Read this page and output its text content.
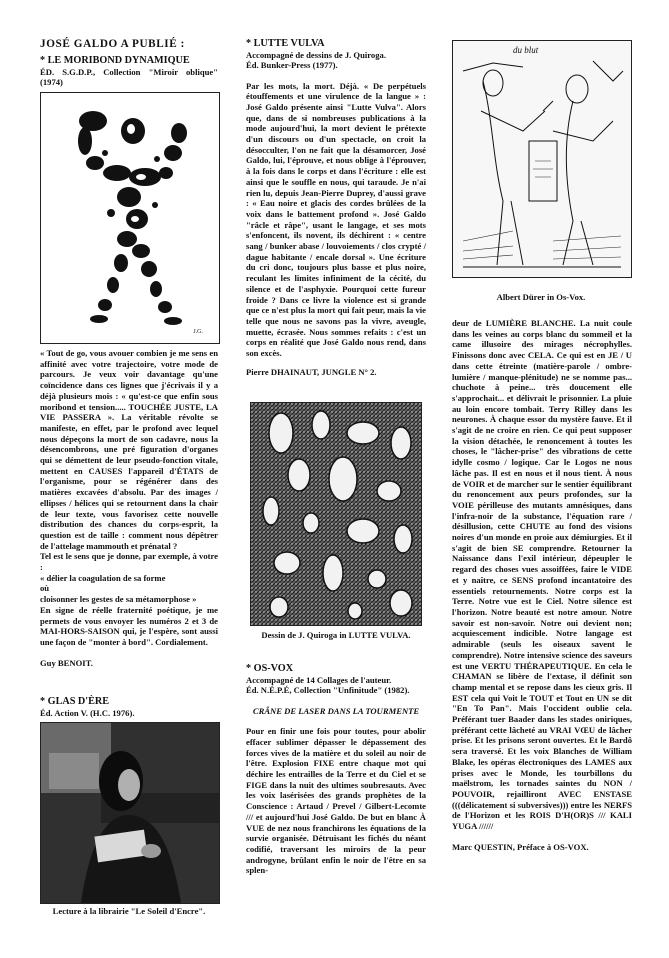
JOSÉ GALDO A PUBLIÉ :

* LE MORIBOND DYNAMIQUE

ÉD. S.G.D.P., Collection "Miroir oblique" (1974)

J.G.

« Tout de go, vous avouer combien je me sens en affinité avec votre trajectoire, votre mode de parcours. Je veux voir davantage qu'une coïncidence dans ces lignes que j'écrivais il y a déjà plusieurs mois : « qu'est-ce que enfin sous moribond et tension..... TOUCHÉE JUSTE, LA VIE PASSERA ». La véritable révolte se manifeste, en effet, par le profond avec lequel nous dépeçons la mort de son cadavre, nous la désencombrons, une pré figuration d'organes qui se démettent de leur pseudo-fonction vitale, mettent en CAUSES l'appareil d'ÉTATS de l'organisme, pour se régénérer dans des matières excavées d'absolu. Par des images / ellipses / hélices qui se retournent dans la chair de leur texte, vous favorisez cette nouvelle distribution des chances du corps-esprit, la question est de taille : comment nous dépêtrer de l'attelage mammouth et prénatal ?

Tel est le sens que je donne, par exemple, à votre :

« délier la coagulation de sa forme

où

cloisonner les gestes de sa métamorphose »

En signe de réelle fraternité poétique, je me permets de vous envoyer les numéros 2 et 3 de MAI-HORS-SAISON qui, je l'espère, sont aussi une façon de "monter à bord". Cordialement.

Guy BENOIT.

* GLAS D'ÈRE

Éd. Action V. (H.C. 1976).

Lecture à la librairie "Le Soleil d'Encre".

* LUTTE VULVA

Accompagné de dessins de J. Quiroga.

Éd. Bunker-Press (1977).

Par les mots, la mort. Déjà. « De perpétuels étouffements et une virulence de la langue » : José Galdo présente ainsi "Lutte Vulva". Alors que, dans de si nombreuses publications à la mode aujourd'hui, la mort devient le prétexte d'un discours ou d'un spectacle, on croit la désocculter, l'on ne fait que la désamorcer, José Galdo, lui, l'éprouve, et nous oblige à l'éprouver, à la fois dans le corps et dans l'écriture : elle est ainsi que le souffle en nous, qui taraude. Je n'ai rien lu, depuis Jean-Pierre Duprey, d'aussi grave : « Eau noire et glacis des cordes brûlées de la voix dans le battement profond ». José Galdo "râcle et râpe", usant le langage, et ses mots s'enfoncent, ils novent, ils déchirent : « centre sang / bunker abase / louvoiements / clos crypté / dague habitante / encale dorsal ». Une écriture du cri donc, toujours plus basse et plus noire, reculant les limites infiniment de la cécité, du silence et de l'asphyxie. Pourquoi cette fureur froide ? Dans ce livre la violence est si grande que ce n'est plus la mort qui fait peur, mais la vie telle que nous ne savons pas la vivre, aveugle, muette, écrasée. Nous sommes refaits : c'est un corps en réalité que José Galdo nous rend, dans son excès.

Pierre DHAINAUT, JUNGLE N° 2.

Dessin de J. Quiroga in LUTTE VULVA.

* OS-VOX

Accompagné de 14 Collages de l'auteur.

Éd. N.É.P.É, Collection "Unfinitude" (1982).

CRÂNE DE LASER DANS LA TOURMENTE

Pour en finir une fois pour toutes, pour abolir effacer sublimer dépasser le dépassement des forces vives de la matière et du soleil au noir de l'être. Explosion FIXE entre chaque mot qui déchire les entrailles de la Terre et du Ciel et se FIGE dans la nuit des ultimes soubresauts. Avec les voix lasérisées des grands prophètes de la Conscience : Artaud / Prevel / Gilbert-Lecomte /// et aujourd'hui José Galdo. De but en blanc À VUE de nez nous franchirons les équations de la survie organisée. Détruisant les fichés du néant codifié, traversant les miroirs de la peur androgyne, brûlant enfin le noir de l'être en sa splen-

du blut
Albert Dürer in Os-Vox.

deur de LUMIÈRE BLANCHE. La nuit coule dans les veines au corps blanc du sommeil et la came illusoire des mirages nécrophylles. Finissons donc avec CELA. Ce qui est en JE / U dans cette étreinte (matière-parole / ombre-lumière / manque-plénitude) ne se nomme pas... chuchote à peine... très doucement elle s'approchait... et délivrait le prisonnier. La pluie au loin encore tombait. Terry Rilley dans les neurones. À chaque essor du mystère fauve. Et il s'agit de ne croire en rien. Ce qui peut supposer la vision détachée, le renoncement à toutes les choses, le "lâcher-prise" des vibrations de cette idylle cosmo / logique. Car le Logos ne nous lâche pas. Il est en nous et il nous tient. À nous de VOIR et de marcher sur le sentier équilibrant du renoncement aux peurs profondes, sur la VOIE périlleuse des mutants amnésiques, dans l'infra-noir de la substance, l'équation rare / désillusion, cette CHUTE au fond des visions noires d'un monde en proie aux démiurgies. Et il s'agit de bien SE comprendre. Retourner la Naissance dans l'exil intérieur, dépeupler le regard des choses vues assoiffées, faire le VIDE et y naître, ce SENS profond incantatoire des essentiels retournements. Notre corps est la Terre. Notre vue est le Ciel. Notre silence est l'horizon. Notre beauté est notre amour. Notre savoir est non-savoir. Notre oui devient non; acquiescement indicible. Notre langage est admirable (seuls les oiseaux savent le comprendre). Notre intensive science des saveurs est une VERTU THÉRAPEUTIQUE. En cela le CHAMAN se libère de l'extase, il définit son champ mental et se repose dans les cieux gris. Il EST cela qui Voit le TOUT et Tout en UN se dit "En To Pan". Mais l'occident oublie cela. Préférant tuer Baader dans les stades oniriques, préférant cette lâcheté au VRAI VŒU de lâcher prise. Et les prisons seront ouvertes. Et le Bardô sera traversé. Et les voix Blanches de William Blake, les opéras électroniques des LAMES aux prises avec le Monde, les tourbillons du maëlstrom, les tornades saintes du NON / POUVOIR, rejailliront AVEC ENSTASE (((délicatement si subversives))) entre les NERFS de l'Horizon et les ROIS D'H(OR)S /// KALI YUGA //////

Marc QUESTIN, Préface à OS-VOX.
